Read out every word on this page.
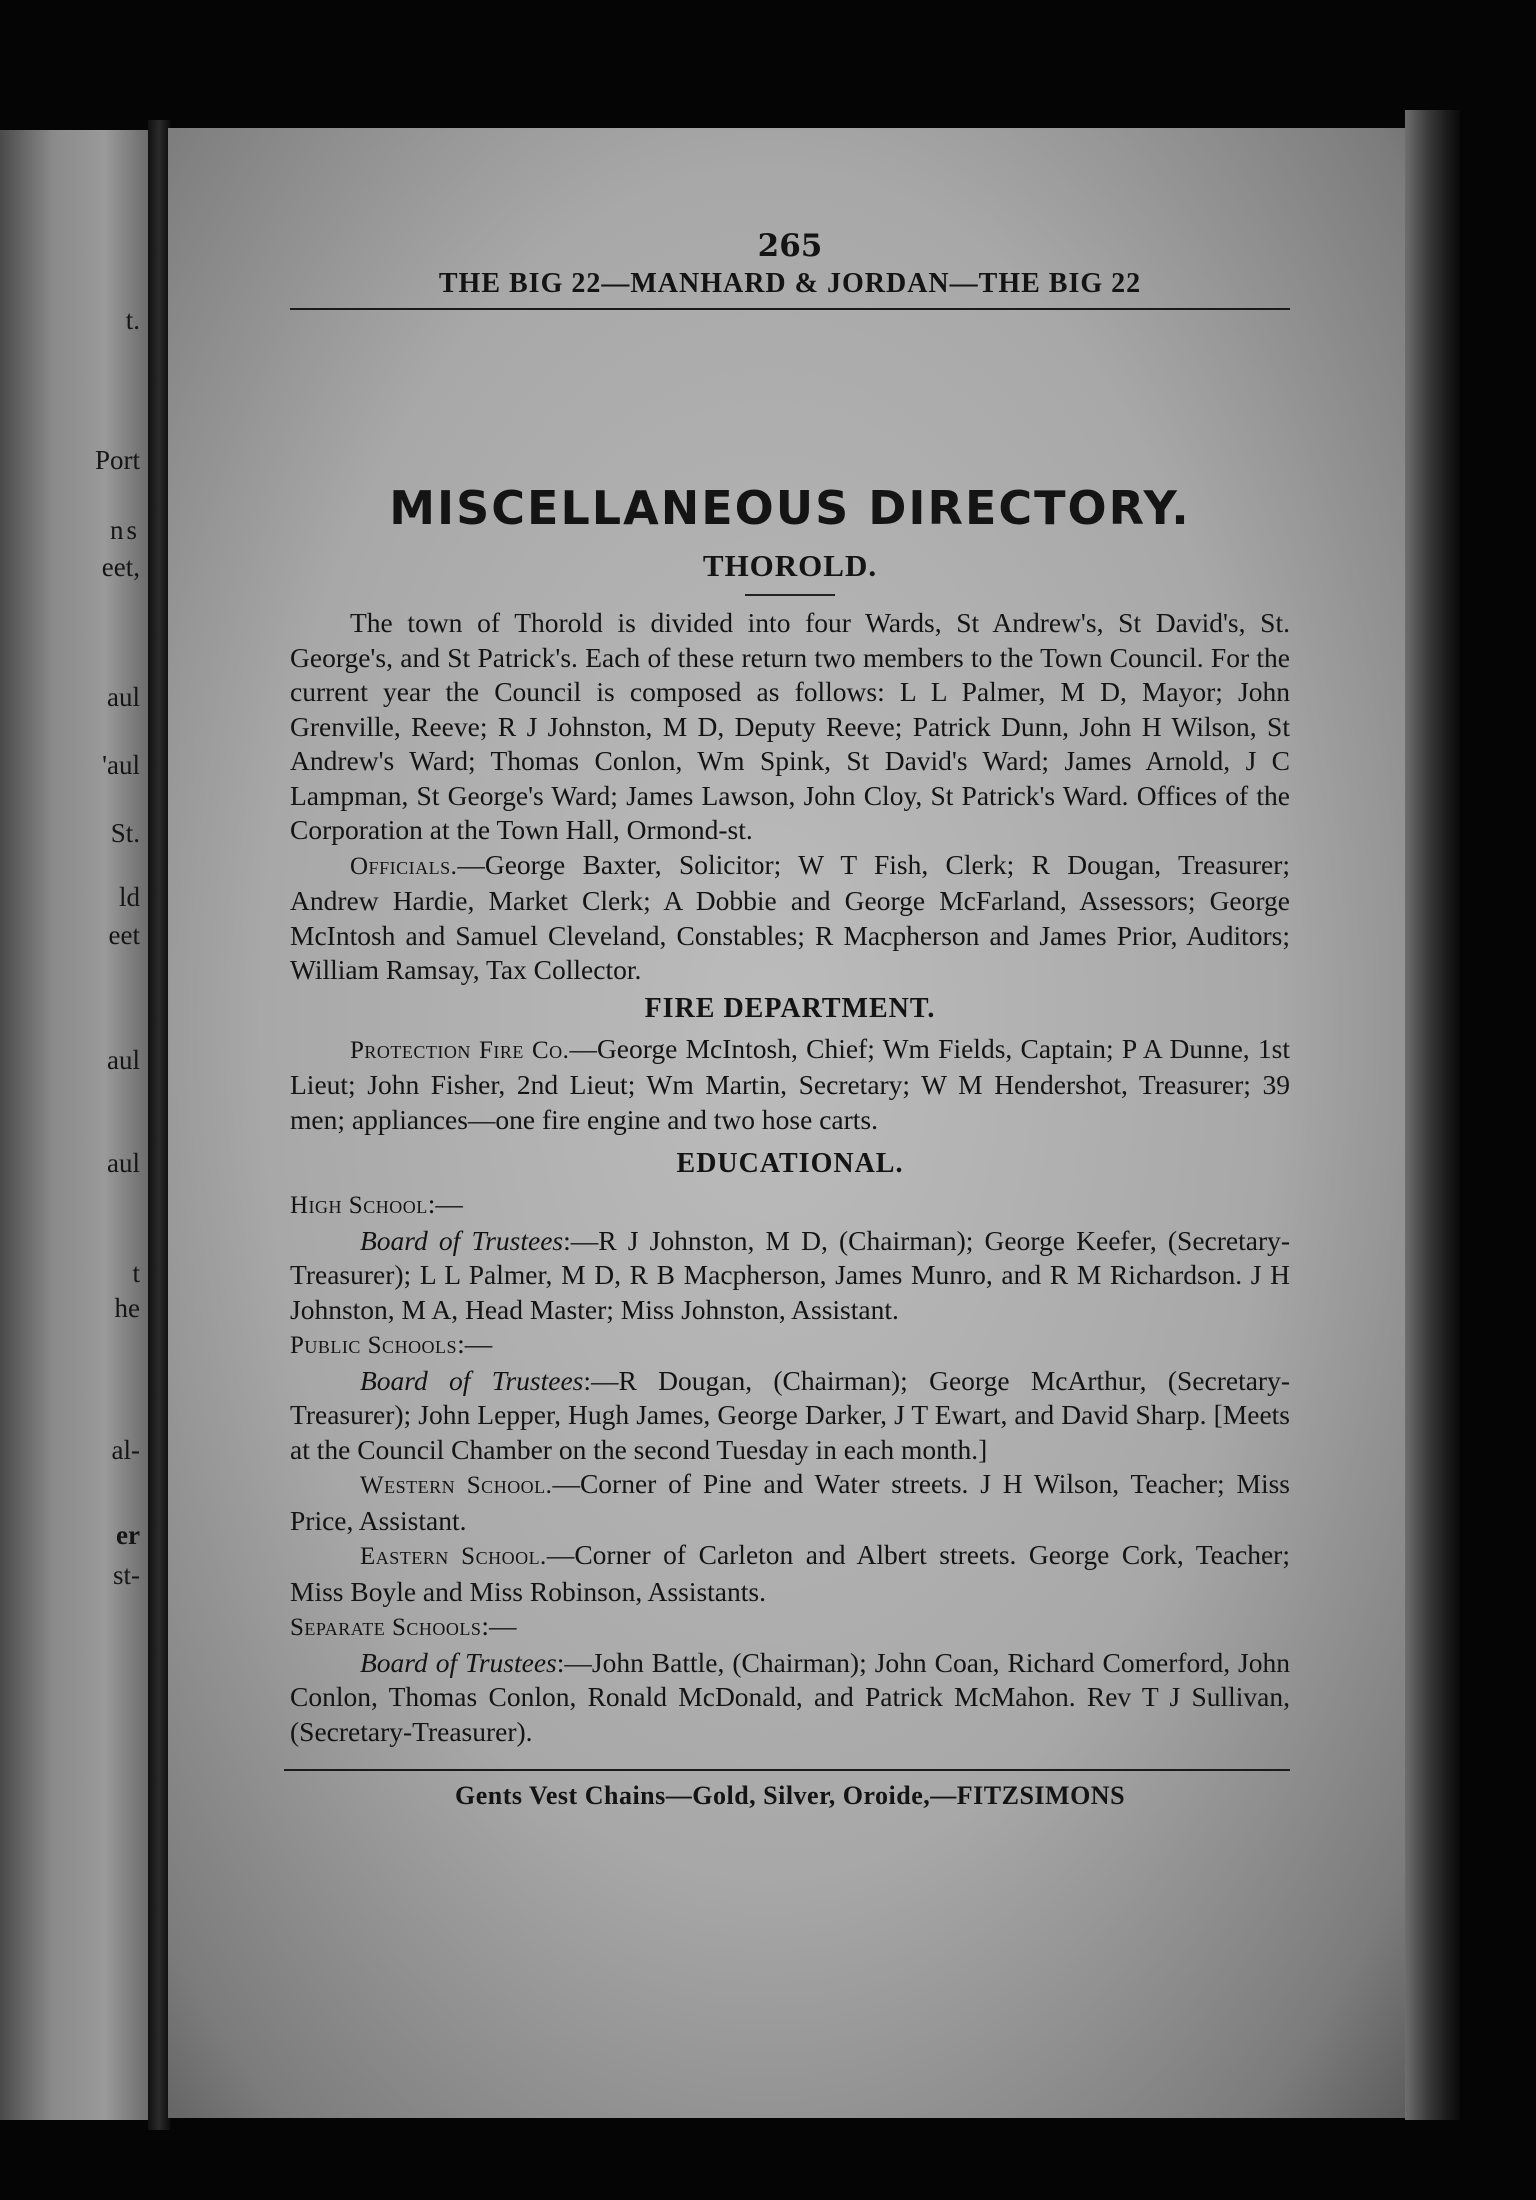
t.

Port

ns

eet,

aul

'aul

St.

ld

eet

aul

aul

t

he

al-

er

st-

265

THE BIG 22—MANHARD & JORDAN—THE BIG 22

MISCELLANEOUS DIRECTORY.
THOROLD.

The town of Thorold is divided into four Wards, St Andrew's, St David's, St. George's, and St Patrick's. Each of these return two members to the Town Council. For the current year the Council is composed as follows: L L Palmer, M D, Mayor; John Grenville, Reeve; R J Johnston, M D, Deputy Reeve; Patrick Dunn, John H Wilson, St Andrew's Ward; Thomas Conlon, Wm Spink, St David's Ward; James Arnold, J C Lampman, St George's Ward; James Lawson, John Cloy, St Patrick's Ward. Offices of the Corporation at the Town Hall, Ormond-st.

Officials.—George Baxter, Solicitor; W T Fish, Clerk; R Dougan, Treasurer; Andrew Hardie, Market Clerk; A Dobbie and George McFarland, Assessors; George McIntosh and Samuel Cleveland, Constables; R Macpherson and James Prior, Auditors; William Ramsay, Tax Collector.

FIRE DEPARTMENT.

Protection Fire Co.—George McIntosh, Chief; Wm Fields, Captain; P A Dunne, 1st Lieut; John Fisher, 2nd Lieut; Wm Martin, Secretary; W M Hendershot, Treasurer; 39 men; appliances—one fire engine and two hose carts.

EDUCATIONAL.

High School:—

Board of Trustees:—R J Johnston, M D, (Chairman); George Keefer, (Secretary-Treasurer); L L Palmer, M D, R B Macpherson, James Munro, and R M Richardson. J H Johnston, M A, Head Master; Miss Johnston, Assistant.

Public Schools:—

Board of Trustees:—R Dougan, (Chairman); George McArthur, (Secretary-Treasurer); John Lepper, Hugh James, George Darker, J T Ewart, and David Sharp. [Meets at the Council Chamber on the second Tuesday in each month.]

Western School.—Corner of Pine and Water streets. J H Wilson, Teacher; Miss Price, Assistant.

Eastern School.—Corner of Carleton and Albert streets. George Cork, Teacher; Miss Boyle and Miss Robinson, Assistants.

Separate Schools:—

Board of Trustees:—John Battle, (Chairman); John Coan, Richard Comerford, John Conlon, Thomas Conlon, Ronald McDonald, and Patrick McMahon. Rev T J Sullivan, (Secretary-Treasurer).

Gents Vest Chains—Gold, Silver, Oroide,—FITZSIMONS
